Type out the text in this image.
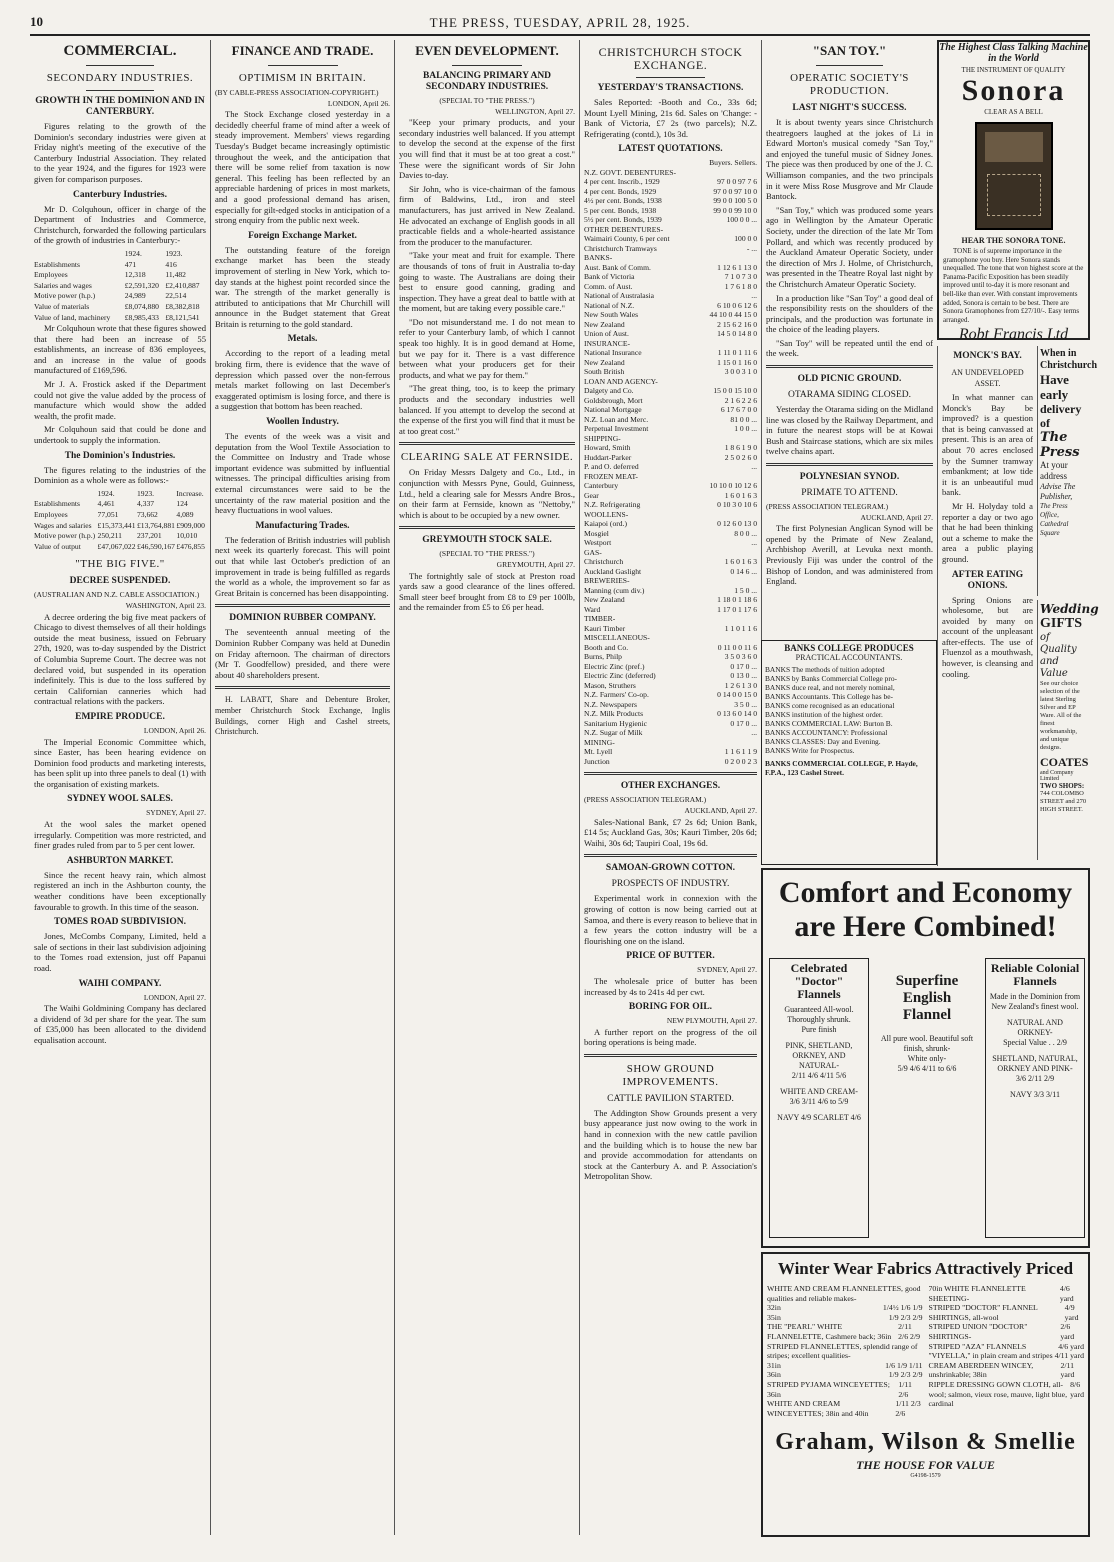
10	THE PRESS, TUESDAY, APRIL 28, 1925.
COMMERCIAL.
SECONDARY INDUSTRIES.
GROWTH IN THE DOMINION AND IN CANTERBURY.

Figures relating to the growth of the Dominion's secondary industries were given at Friday night's meeting of the executive of the Canterbury Industrial Association. They related to the year 1924, and the figures for 1923 were given for comparison purposes.

Canterbury Industries.

Mr D. Colquhoun, officer in charge of the Department of Industries and Commerce, Christchurch, forwarded the following particulars of the growth of industries in Canterbury:-

	1924.	1923.
Establishments	471	416
Employees	12,318	11,482
Salaries and wages	£2,591,320	£2,410,887
Motive power (h.p.)	24,989	22,514
Value of materials	£8,074,880	£8,382,818
Value of land, machinery	£8,985,433	£8,121,541

Mr Colquhoun wrote that these figures showed that there had been an increase of 55 establishments, an increase of 836 employees, and an increase in the value of goods manufactured of £169,596.

Mr J. A. Frostick asked if the Department could not give the value added by the process of manufacture which would show the added wealth, the profit made.

Mr Colquhoun said that could be done and undertook to supply the information.

The Dominion's Industries.

The figures relating to the industries of the Dominion as a whole were as follows:-

	1924.	1923.	Increase.
Establishments	4,461	4,337	124
Employees	77,051	73,662	4,089
Wages and salaries	£15,373,441	£13,764,881	£909,000
Motive power (h.p.)	250,211	237,201	10,010
Value of output	£47,067,022	£46,590,167	£476,855
"THE BIG FIVE."
DECREE SUSPENDED.
(AUSTRALIAN AND N.Z. CABLE ASSOCIATION.)
WASHINGTON, April 23.

A decree ordering the big five meat packers of Chicago to divest themselves of all their holdings outside the meat business, issued on February 27th, 1920, was to-day suspended by the District of Columbia Supreme Court. The decree was not declared void, but suspended in its operation indefinitely. This is due to the loss suffered by certain Californian canneries which had contractual relations with the packers.

EMPIRE PRODUCE.
LONDON, April 26.

The Imperial Economic Committee which, since Easter, has been hearing evidence on Dominion food products and marketing interests, has been split up into three panels to deal (1) with the organisation of existing markets.

SYDNEY WOOL SALES.
SYDNEY, April 27.

At the wool sales the market opened irregularly. Competition was more restricted, and finer grades ruled from par to 5 per cent lower.

ASHBURTON MARKET.

Since the recent heavy rain, which almost registered an inch in the Ashburton county, the weather conditions have been exceptionally favourable to growth. In this time of the season.

TOMES ROAD SUBDIVISION.

Jones, McCombs Company, Limited, held a sale of sections in their last subdivision adjoining to the Tomes road extension, just off Papanui road.

WAIHI COMPANY.
LONDON, April 27.

The Waihi Goldmining Company has declared a dividend of 3d per share for the year. The sum of £35,000 has been allocated to the dividend equalisation account.

FINANCE AND TRADE.
OPTIMISM IN BRITAIN.
(BY CABLE-PRESS ASSOCIATION-COPYRIGHT.)
LONDON, April 26.

The Stock Exchange closed yesterday in a decidedly cheerful frame of mind after a week of steady improvement. Members' views regarding Tuesday's Budget became increasingly optimistic throughout the week, and the anticipation that there will be some relief from taxation is now general. This feeling has been reflected by an appreciable hardening of prices in most markets, and a good professional demand has arisen, especially for gilt-edged stocks in anticipation of a strong enquiry from the public next week.

Foreign Exchange Market.

The outstanding feature of the foreign exchange market has been the steady improvement of sterling in New York, which to-day stands at the highest point recorded since the war. The strength of the market generally is attributed to anticipations that Mr Churchill will announce in the Budget statement that Great Britain is returning to the gold standard.

Metals.

According to the report of a leading metal broking firm, there is evidence that the wave of depression which passed over the non-ferrous metals market following on last December's exaggerated optimism is losing force, and there is a suggestion that bottom has been reached.

Woollen Industry.

The events of the week was a visit and deputation from the Wool Textile Association to the Committee on Industry and Trade whose important evidence was submitted by influential witnesses. The principal difficulties arising from external circumstances were said to be the uncertainty of the raw material position and the heavy fluctuations in wool values.

Manufacturing Trades.

The federation of British industries will publish next week its quarterly forecast. This will point out that while last October's prediction of an improvement in trade is being fulfilled as regards the world as a whole, the improvement so far as Great Britain is concerned has been disappointing.

DOMINION RUBBER COMPANY.

The seventeenth annual meeting of the Dominion Rubber Company was held at Dunedin on Friday afternoon. The chairman of directors (Mr T. Goodfellow) presided, and there were about 40 shareholders present.

H. LABATT, Share and Debenture Broker, member Christchurch Stock Exchange, Inglis Buildings, corner High and Cashel streets, Christchurch.

EVEN DEVELOPMENT.
BALANCING PRIMARY AND SECONDARY INDUSTRIES.
(SPECIAL TO "THE PRESS.")
WELLINGTON, April 27.

"Keep your primary products, and your secondary industries well balanced. If you attempt to develop the second at the expense of the first you will find that it must be at too great a cost." These were the significant words of Sir John Davies to-day.

Sir John, who is vice-chairman of the famous firm of Baldwins, Ltd., iron and steel manufacturers, has just arrived in New Zealand. He advocated an exchange of English goods in all practicable fields and a whole-hearted assistance from the producer to the manufacturer.

"Take your meat and fruit for example. There are thousands of tons of fruit in Australia to-day going to waste. The Australians are doing their best to ensure good canning, grading and inspection. They have a great deal to battle with at the moment, but are taking every possible care."

"Do not misunderstand me. I do not mean to refer to your Canterbury lamb, of which I cannot speak too highly. It is in good demand at Home, but we pay for it. There is a vast difference between what your producers get for their products, and what we pay for them."

"The great thing, too, is to keep the primary products and the secondary industries well balanced. If you attempt to develop the second at the expense of the first you will find that it must be at too great cost."

CLEARING SALE AT FERNSIDE.

On Friday Messrs Dalgety and Co., Ltd., in conjunction with Messrs Pyne, Gould, Guinness, Ltd., held a clearing sale for Messrs Andre Bros., on their farm at Fernside, known as "Nettoby," which is about to be occupied by a new owner.

GREYMOUTH STOCK SALE.
(SPECIAL TO "THE PRESS.")
GREYMOUTH, April 27.

The fortnightly sale of stock at Preston road yards saw a good clearance of the lines offered. Small steer beef brought from £8 to £9 per 100lb, and the remainder from £5 to £6 per head.

CHRISTCHURCH STOCK EXCHANGE.
YESTERDAY'S TRANSACTIONS.

Sales Reported: -Booth and Co., 33s 6d; Mount Lyell Mining, 21s 6d. Sales on 'Change: -Bank of Victoria, £7 2s (two parcels); N.Z. Refrigerating (contd.), 10s 3d.

LATEST QUOTATIONS.
Buyers. Sellers.
N.Z. GOVT. DEBENTURES-
4 per cent. Inscrib., 1929	97 0 0 97 7 6
4 per cent. Bonds, 1929	97 0 0 97 10 0
4½ per cent. Bonds, 1938	99 0 0 100 5 0
5 per cent. Bonds, 1938	99 0 0 99 10 0
5½ per cent. Bonds, 1939	100 0 0 ...
OTHER DEBENTURES-
Waimairi County, 6 per cent	100 0 0
Christchurch Tramways	- ...
BANKS-
Aust. Bank of Comm.	1 12 6 1 13 0
Bank of Victoria	7 1 0 7 3 0
Comm. of Aust.	1 7 6 1 8 0
National of Australasia	...
National of N.Z.	6 10 0 6 12 6
New South Wales	44 10 0 44 15 0
New Zealand	2 15 6 2 16 0
Union of Aust.	14 5 0 14 8 0
INSURANCE-
National Insurance	1 11 0 1 11 6
New Zealand	1 15 0 1 16 0
South British	3 0 0 3 1 0
LOAN AND AGENCY-
Dalgety and Co.	15 0 0 15 10 0
Goldsbrough, Mort	2 1 6 2 2 6
National Mortgage	6 17 6 7 0 0
N.Z. Loan and Merc.	81 0 0 ...
Perpetual Investment	1 0 0 ...
SHIPPING-
Howard, Smith	1 8 6 1 9 0
Huddart-Parker	2 5 0 2 6 0
P. and O. deferred	...
FROZEN MEAT-
Canterbury	10 10 0 10 12 6
Gear	1 6 0 1 6 3
N.Z. Refrigerating	0 10 3 0 10 6
WOOLLENS-
Kaiapoi (ord.)	0 12 6 0 13 0
Mosgiel	8 0 0 ...
Westport	...
GAS-
Christchurch	1 6 0 1 6 3
Auckland Gaslight	0 14 6 ...
BREWERIES-
Manning (cum div.)	1 5 0 ...
New Zealand	1 18 0 1 18 6
Ward	1 17 0 1 17 6
TIMBER-
Kauri Timber	1 1 0 1 1 6
MISCELLANEOUS-
Booth and Co.	0 11 0 0 11 6
Burns, Philp	3 5 0 3 6 0
Electric Zinc (pref.)	0 17 0 ...
Electric Zinc (deferred)	0 13 0 ...
Mason, Struthers	1 2 6 1 3 0
N.Z. Farmers' Co-op.	0 14 0 0 15 0
N.Z. Newspapers	3 5 0 ...
N.Z. Milk Products	0 13 6 0 14 0
Sanitarium Hygienic	0 17 0 ...
N.Z. Sugar of Milk	...
MINING-
Mt. Lyell	1 1 6 1 1 9
Junction	0 2 0 0 2 3
OTHER EXCHANGES.
(PRESS ASSOCIATION TELEGRAM.)
AUCKLAND, April 27.

Sales-National Bank, £7 2s 6d; Union Bank, £14 5s; Auckland Gas, 30s; Kauri Timber, 20s 6d; Waihi, 30s 6d; Taupiri Coal, 19s 6d.

SAMOAN-GROWN COTTON.
PROSPECTS OF INDUSTRY.

Experimental work in connexion with the growing of cotton is now being carried out at Samoa, and there is every reason to believe that in a few years the cotton industry will be a flourishing one on the island.

PRICE OF BUTTER.
SYDNEY, April 27.

The wholesale price of butter has been increased by 4s to 241s 4d per cwt.

BORING FOR OIL.
NEW PLYMOUTH, April 27.

A further report on the progress of the oil boring operations is being made.

SHOW GROUND IMPROVEMENTS.
CATTLE PAVILION STARTED.

The Addington Show Grounds present a very busy appearance just now owing to the work in hand in connexion with the new cattle pavilion and the building which is to house the new bar and provide accommodation for attendants on stock at the Canterbury A. and P. Association's Metropolitan Show.

"SAN TOY."
OPERATIC SOCIETY'S PRODUCTION.
LAST NIGHT'S SUCCESS.

It is about twenty years since Christchurch theatregoers laughed at the jokes of Li in Edward Morton's musical comedy "San Toy," and enjoyed the tuneful music of Sidney Jones. The piece was then produced by one of the J. C. Williamson companies, and the two principals in it were Miss Rose Musgrove and Mr Claude Bantock.

"San Toy," which was produced some years ago in Wellington by the Amateur Operatic Society, under the direction of the late Mr Tom Pollard, and which was recently produced by the Auckland Amateur Operatic Society, under the direction of Mrs J. Holme, of Christchurch, was presented in the Theatre Royal last night by the Christchurch Amateur Operatic Society.

In a production like "San Toy" a good deal of the responsibility rests on the shoulders of the principals, and the production was fortunate in the choice of the leading players.

"San Toy" will be repeated until the end of the week.

OLD PICNIC GROUND.
OTARAMA SIDING CLOSED.

Yesterday the Otarama siding on the Midland line was closed by the Railway Department, and in future the nearest stops will be at Kowai Bush and Staircase stations, which are six miles twelve chains apart.

POLYNESIAN SYNOD.
PRIMATE TO ATTEND.
(PRESS ASSOCIATION TELEGRAM.)
AUCKLAND, April 27.

The first Polynesian Anglican Synod will be opened by the Primate of New Zealand, Archbishop Averill, at Levuka next month. Previously Fiji was under the control of the Bishop of London, and was administered from England.

The Highest Class Talking Machine in the World
THE INSTRUMENT OF QUALITY
Sonora
CLEAR AS A BELL
HEAR THE SONORA TONE.

TONE is of supreme importance in the gramophone you buy. Here Sonora stands unequalled. The tone that won highest score at the Panama-Pacific Exposition has been steadily improved until to-day it is more resonant and bell-like than ever. With constant improvements added, Sonora is certain to be best. There are Sonora Gramophones from £27/10/-. Easy terms arranged.

Robt Francis Ltd
MONCK'S BAY.
AN UNDEVELOPED ASSET.

In what manner can Monck's Bay be improved? is a question that is being canvassed at present. This is an area of about 70 acres enclosed by the Sumner tramway embankment; at low tide it is an unbeautiful mud bank.

Mr H. Holyday told a reporter a day or two ago that he had been thinking out a scheme to make the area a public playing ground.

AFTER EATING ONIONS.

Spring Onions are wholesome, but are avoided by many on account of the unpleasant after-effects. The use of Fluenzol as a mouthwash, however, is cleansing and cooling.

When in Christchurch
Have early
delivery of
The Press
At your address
Advise The Publisher,
The Press Office, Cathedral Square
Wedding
GIFTS
of Quality
and Value

See our choice selection of the latest Sterling Silver and EP Ware. All of the finest workmanship, and unique designs.

COATES
and Company Limited
TWO SHOPS:
744 COLOMBO STREET and 270 HIGH STREET.
Comfort and Economy
are Here Combined!
Celebrated "Doctor" Flannels
Guaranteed All-wool.
Thoroughly shrunk.
Pure finish
PINK, SHETLAND, ORKNEY, AND NATURAL-
2/11 4/6 4/11 5/6
WHITE AND CREAM-
3/6 3/11 4/6 to 5/9
NAVY 4/9 SCARLET 4/6
Superfine English Flannel
All pure wool. Beautiful soft finish, shrunk-
White only-
5/9 4/6 4/11 to 6/6
Reliable Colonial Flannels
Made in the Dominion from New Zealand's finest wool.
NATURAL AND ORKNEY-
Special Value . . 2/9
SHETLAND, NATURAL, ORKNEY AND PINK-
3/6 2/11 2/9
NAVY 3/3 3/11
Winter Wear Fabrics Attractively Priced
WHITE AND CREAM FLANNELETTES, good qualities and reliable makes-
32in	1/4½ 1/6 1/9
35in	1/9 2/3 2/9
THE "PEARL" WHITE FLANNELETTE, Cashmere back; 36in
2/11 2/6 2/9
STRIPED FLANNELETTES, splendid range of stripes; excellent qualities-
31in	1/6 1/9 1/11
36in	1/9 2/3 2/9
STRIPED PYJAMA WINCEYETTES; 36in
1/11 2/6
WHITE AND CREAM WINCEYETTES; 38in and 40in
1/11 2/3 2/6
70in WHITE FLANNELETTE SHEETING-
4/6 yard
STRIPED "DOCTOR" FLANNEL SHIRTINGS, all-wool
4/9 yard
STRIPED UNION "DOCTOR" SHIRTINGS-
2/6 yard
STRIPED "AZA" FLANNELS	4/6 yard
"VIYELLA," in plain cream and stripes 4/11 yard
CREAM ABERDEEN WINCEY, unshrinkable; 38in
2/11 yard
RIPPLE DRESSING GOWN CLOTH, all-wool; salmon, vieux rose, mauve, light blue, cardinal
8/6 yard
Graham, Wilson & Smellie
THE HOUSE FOR VALUE
G4198-1579
BANKS COLLEGE PRODUCES
PRACTICAL ACCOUNTANTS.
BANKS The methods of tuition adopted
BANKS by Banks Commercial College pro-
BANKS duce real, and not merely nominal,
BANKS Accountants. This College has be-
BANKS come recognised as an educational
BANKS institution of the highest order.
BANKS COMMERCIAL LAW: Burton B.
BANKS ACCOUNTANCY: Professional
BANKS CLASSES: Day and Evening.
BANKS Write for Prospectus.
BANKS COMMERCIAL COLLEGE, P. Hayde, F.P.A., 123 Cashel Street.
